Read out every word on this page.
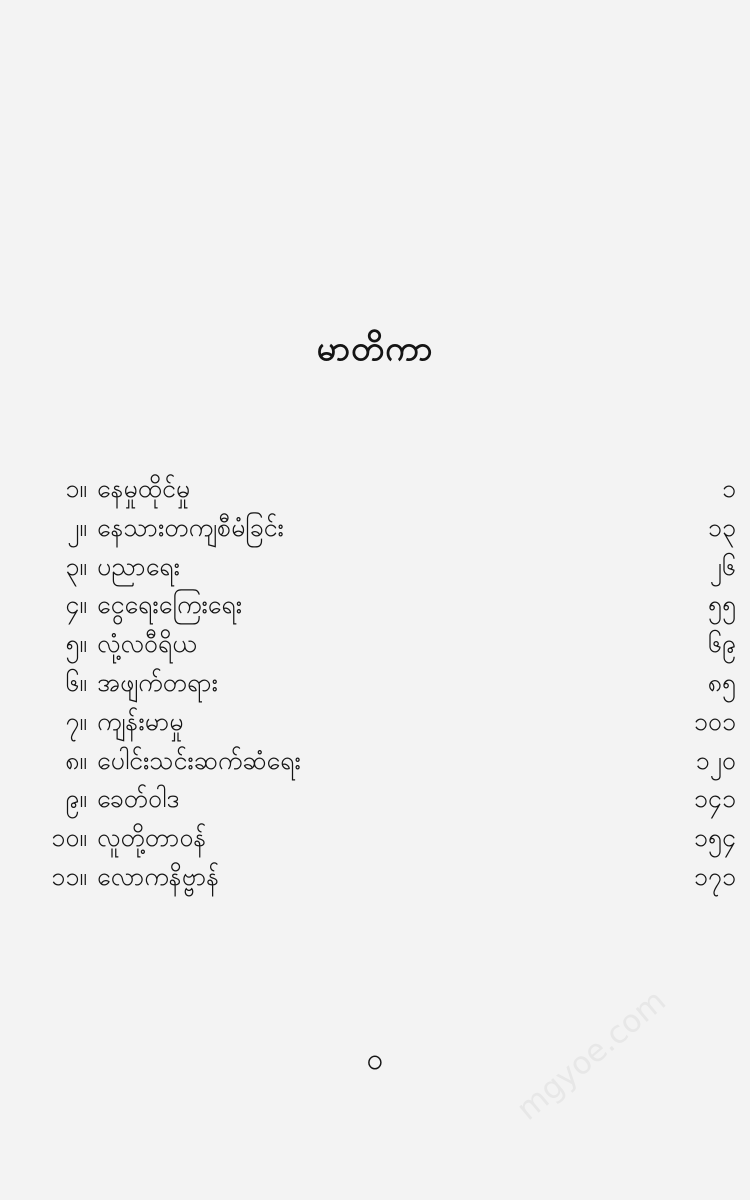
မာတိကာ
၁။ နေမှုထိုင်မှု	၁
၂။ နေသားတကျစီမံခြင်း	၁၃
၃။ ပညာရေး	၂၆
၄။ ငွေရေးကြေးရေး	၅၅
၅။ လုံ့လဝီရိယ	၆၉
၆။ အဖျက်တရား	၈၅
၇။ ကျန်းမာမှု	၁၀၁
၈။ ပေါင်းသင်းဆက်ဆံရေး	၁၂၀
၉။ ခေတ်ဝါဒ	၁၄၁
၁၀။ လူတို့တာဝန်	၁၅၄
၁၁။ လောကနိဗ္ဗာန်	၁၇၁
ဝ	mgyoe.com
